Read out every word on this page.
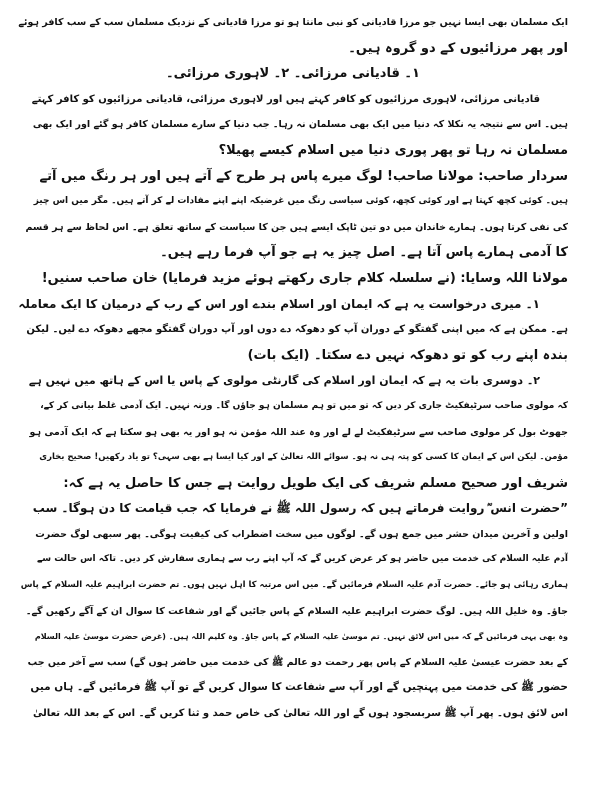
ایک مسلمان بھی ایسا نہیں جو مرزا قادیانی کو نبی مانتا ہو تو مرزا قادیانی کے نزدیک مسلمان سب کے سب کافر ہوئے
اور پھر مرزائیوں کے دو گروہ ہیں۔
۱۔ قادیانی مرزائی۔ ۲۔ لاہوری مرزائی۔
قادیانی مرزائی، لاہوری مرزائیوں کو کافر کہتے ہیں اور لاہوری مرزائی، قادیانی مرزائیوں کو کافر کہتے
ہیں۔ اس سے نتیجہ یہ نکلا کہ دنیا میں ایک بھی مسلمان نہ رہا۔ جب دنیا کے سارے مسلمان کافر ہو گئے اور ایک بھی
مسلمان نہ رہا تو پھر پوری دنیا میں اسلام کیسے پھیلا؟
سردار صاحب: مولانا صاحب! لوگ میرے پاس ہر طرح کے آتے ہیں اور ہر رنگ میں آتے
ہیں۔ کوئی کچھ کہتا ہے اور کوئی کچھ، کوئی سیاسی رنگ میں غرضیکہ اپنے اپنے مفادات لے کر آتے ہیں۔ مگر میں اس چیز
کی نفی کرتا ہوں۔ ہمارے خاندان میں دو تین ٹاپک ایسے ہیں جن کا سیاست کے ساتھ تعلق ہے۔ اس لحاظ سے ہر قسم
کا آدمی ہمارے پاس آتا ہے۔ اصل چیز یہ ہے جو آپ فرما رہے ہیں۔
مولانا اللہ وسایا: (نے سلسلہ کلام جاری رکھتے ہوئے مزید فرمایا) خان صاحب سنیں!
۱۔ میری درخواست یہ ہے کہ ایمان اور اسلام بندے اور اس کے رب کے درمیان کا ایک معاملہ
ہے۔ ممکن ہے کہ میں اپنی گفتگو کے دوران آپ کو دھوکہ دے دوں اور آپ دوران گفتگو مجھے دھوکہ دے لیں۔ لیکن
بندہ اپنے رب کو تو دھوکہ نہیں دے سکتا۔ (ایک بات)
۲۔ دوسری بات یہ ہے کہ ایمان اور اسلام کی گارنٹی مولوی کے پاس یا اس کے ہاتھ میں نہیں ہے
کہ مولوی صاحب سرٹیفکیٹ جاری کر دیں کہ تو میں تو ہم مسلمان ہو جاؤں گا۔ ورنہ نہیں۔ ایک آدمی غلط بیانی کر کے،
جھوٹ بول کر مولوی صاحب سے سرٹیفکیٹ لے لے اور وہ عند اللہ مؤمن نہ ہو اور یہ بھی ہو سکتا ہے کہ ایک آدمی ہو
مؤمن۔ لیکن اس کے ایمان کا کسی کو پتہ ہی نہ ہو۔ سوائے اللہ تعالیٰ کے اور کیا ایسا ہے بھی سہی؟ تو یاد رکھیں! صحیح بخاری
شریف اور صحیح مسلم شریف کی ایک طویل روایت ہے جس کا حاصل یہ ہے کہ:
”حضرت انس ؓ روایت فرماتے ہیں کہ رسول اللہ ﷺ نے فرمایا کہ جب قیامت کا دن ہوگا۔ سب
اولین و آخرین میدان حشر میں جمع ہوں گے۔ لوگوں میں سخت اضطراب کی کیفیت ہوگی۔ پھر سبھی لوگ حضرت
آدم علیہ السلام کی خدمت میں حاضر ہو کر عرض کریں گے کہ آپ اپنے رب سے ہماری سفارش کر دیں۔ تاکہ اس حالت سے
ہماری رہائی ہو جائے۔ حضرت آدم علیہ السلام فرمائیں گے۔ میں اس مرتبہ کا اہل نہیں ہوں۔ تم حضرت ابراہیم علیہ السلام کے پاس
جاؤ۔ وہ خلیل اللہ ہیں۔ لوگ حضرت ابراہیم علیہ السلام کے پاس جائیں گے اور شفاعت کا سوال ان کے آگے رکھیں گے۔
وہ بھی یہی فرمائیں گے کہ میں اس لائق نہیں۔ تم موسیٰ علیہ السلام کے پاس جاؤ۔ وہ کلیم اللہ ہیں۔ (غرض حضرت موسیٰ علیہ السلام
کے بعد حضرت عیسیٰ علیہ السلام کے پاس پھر رحمت دو عالم ﷺ کی خدمت میں حاضر ہوں گے) سب سے آخر میں جب
حضور ﷺ کی خدمت میں پہنچیں گے اور آپ سے شفاعت کا سوال کریں گے تو آپ ﷺ فرمائیں گے۔ ہاں میں
اس لائق ہوں۔ پھر آپ ﷺ سربسجود ہوں گے اور اللہ تعالیٰ کی خاص حمد و ثنا کریں گے۔ اس کے بعد اللہ تعالیٰ
